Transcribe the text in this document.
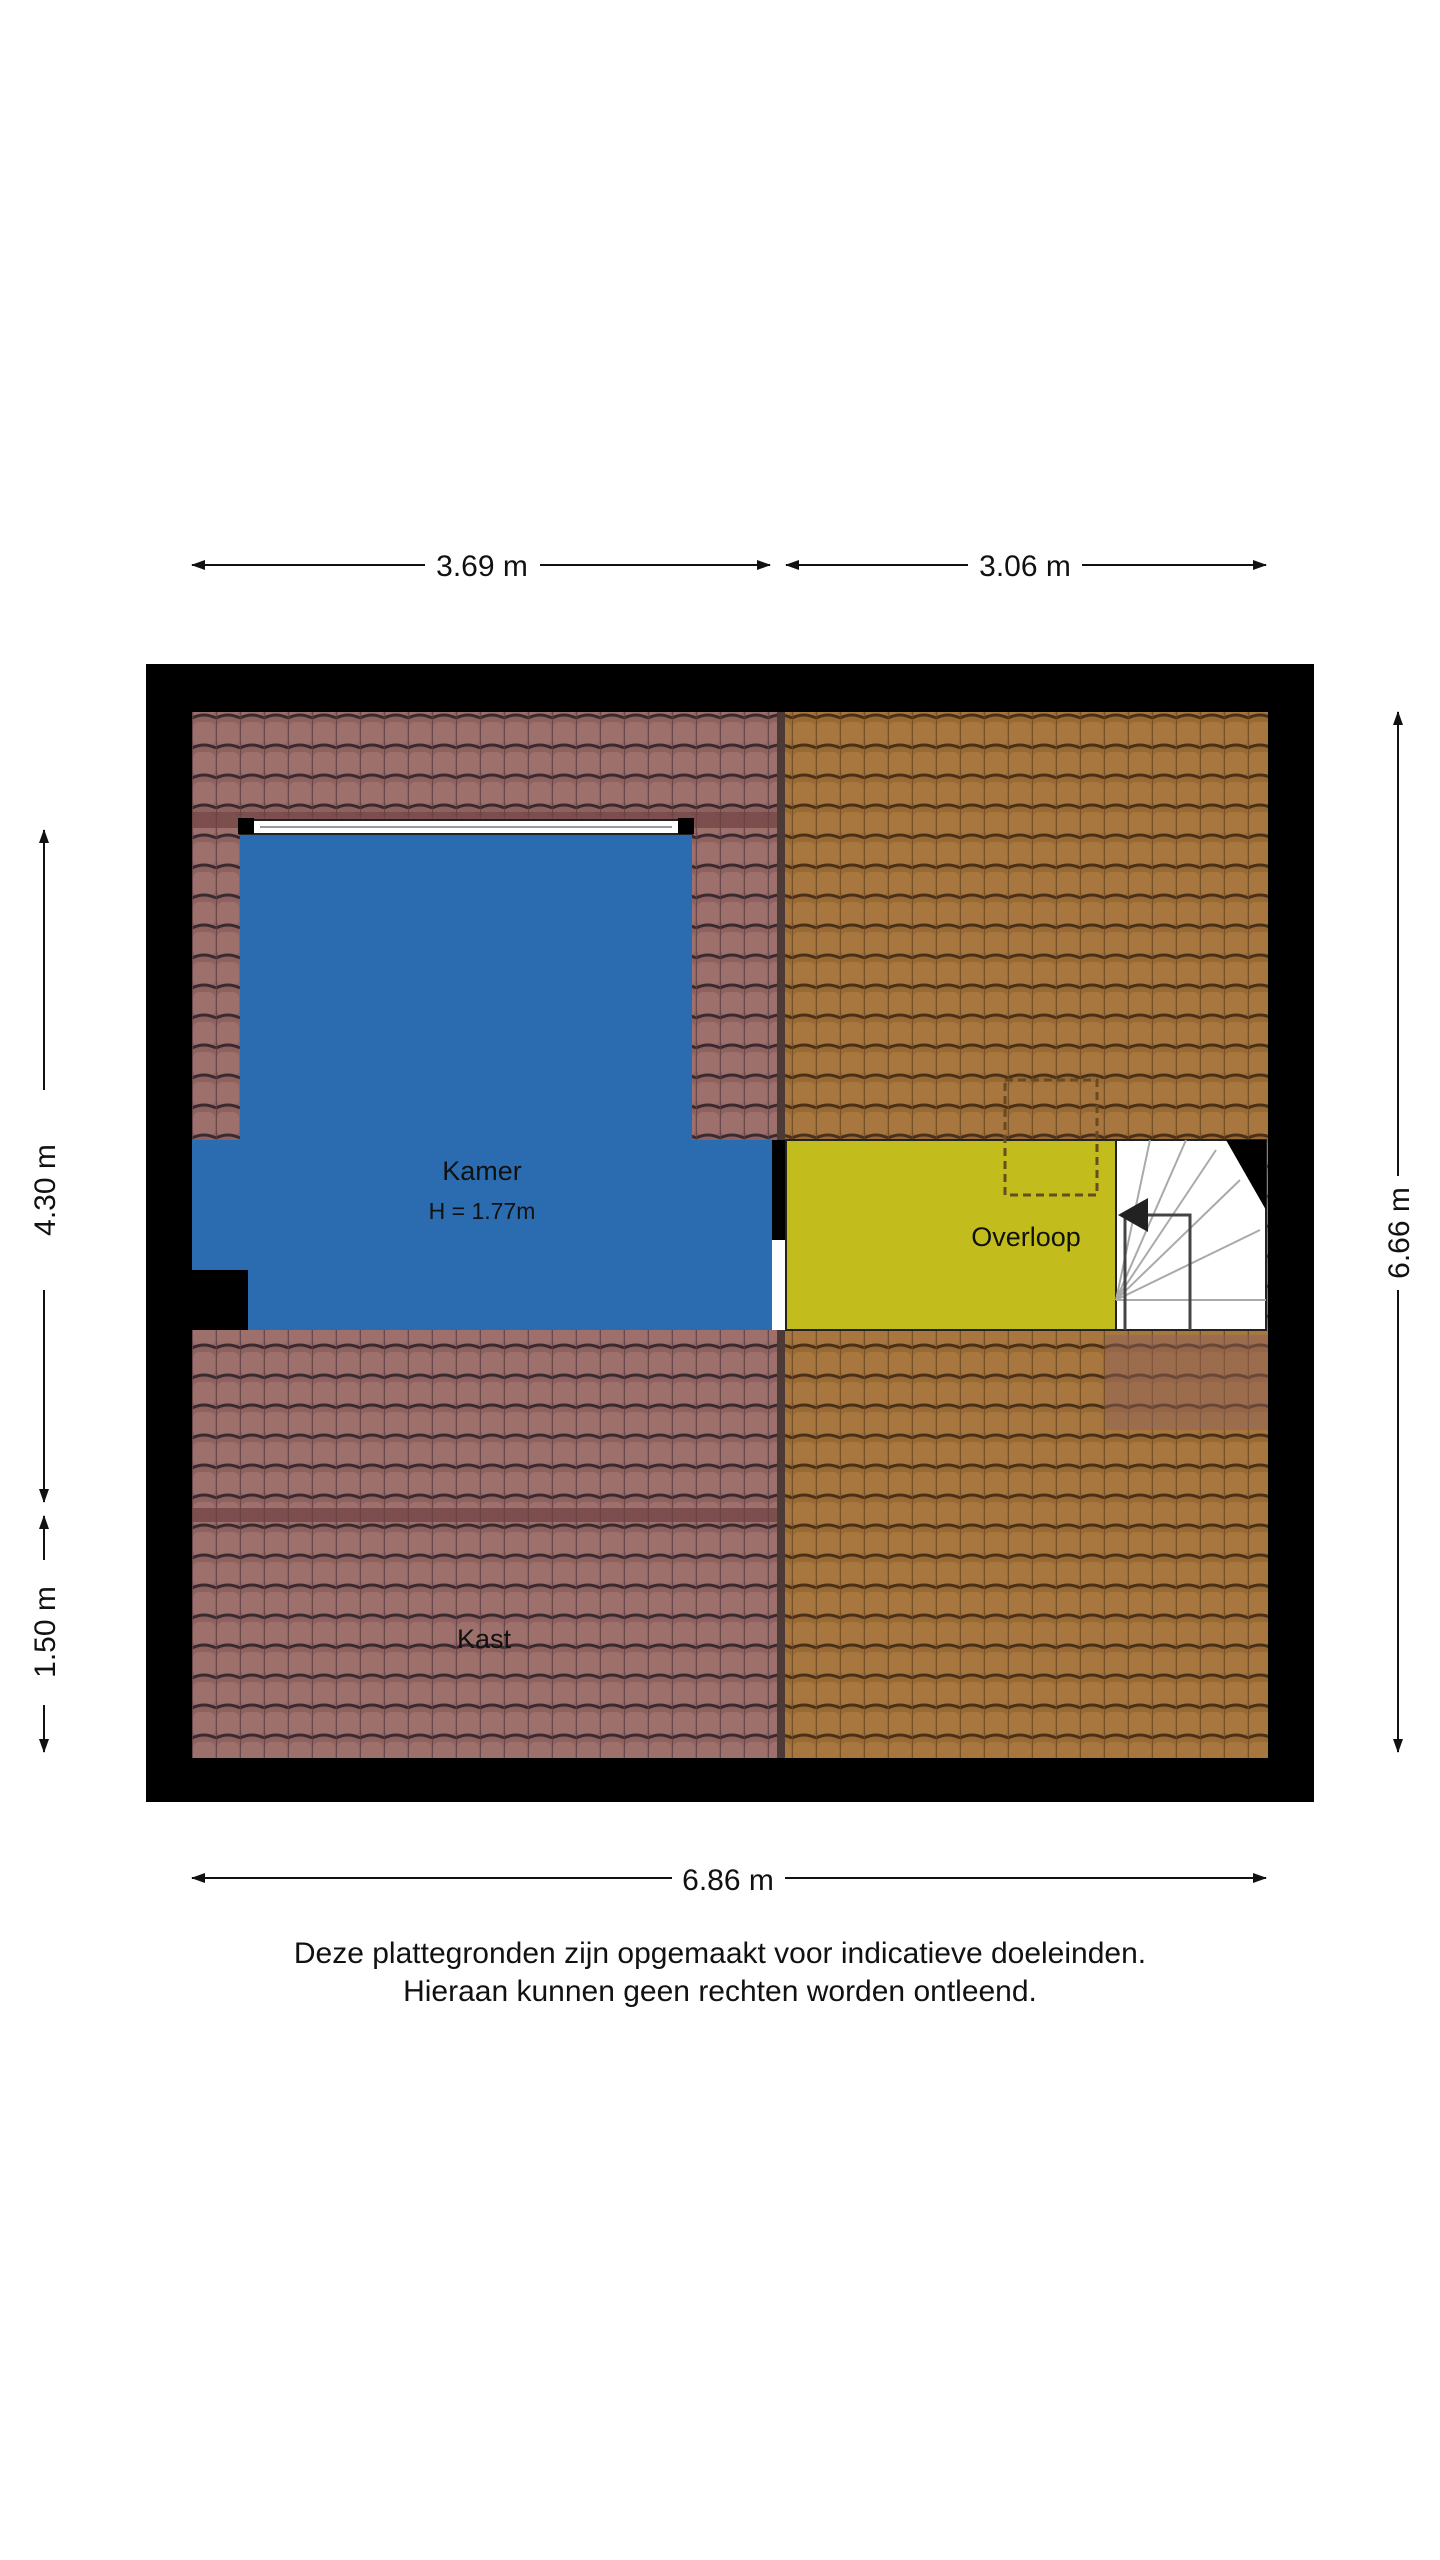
Kamer
H = 1.77m
Overloop
Kast
3.69 m	3.06 m
6.86 m
4.30 m
1.50 m
6.66 m
Deze plattegronden zijn opgemaakt voor indicatieve doeleinden.
Hieraan kunnen geen rechten worden ontleend.
